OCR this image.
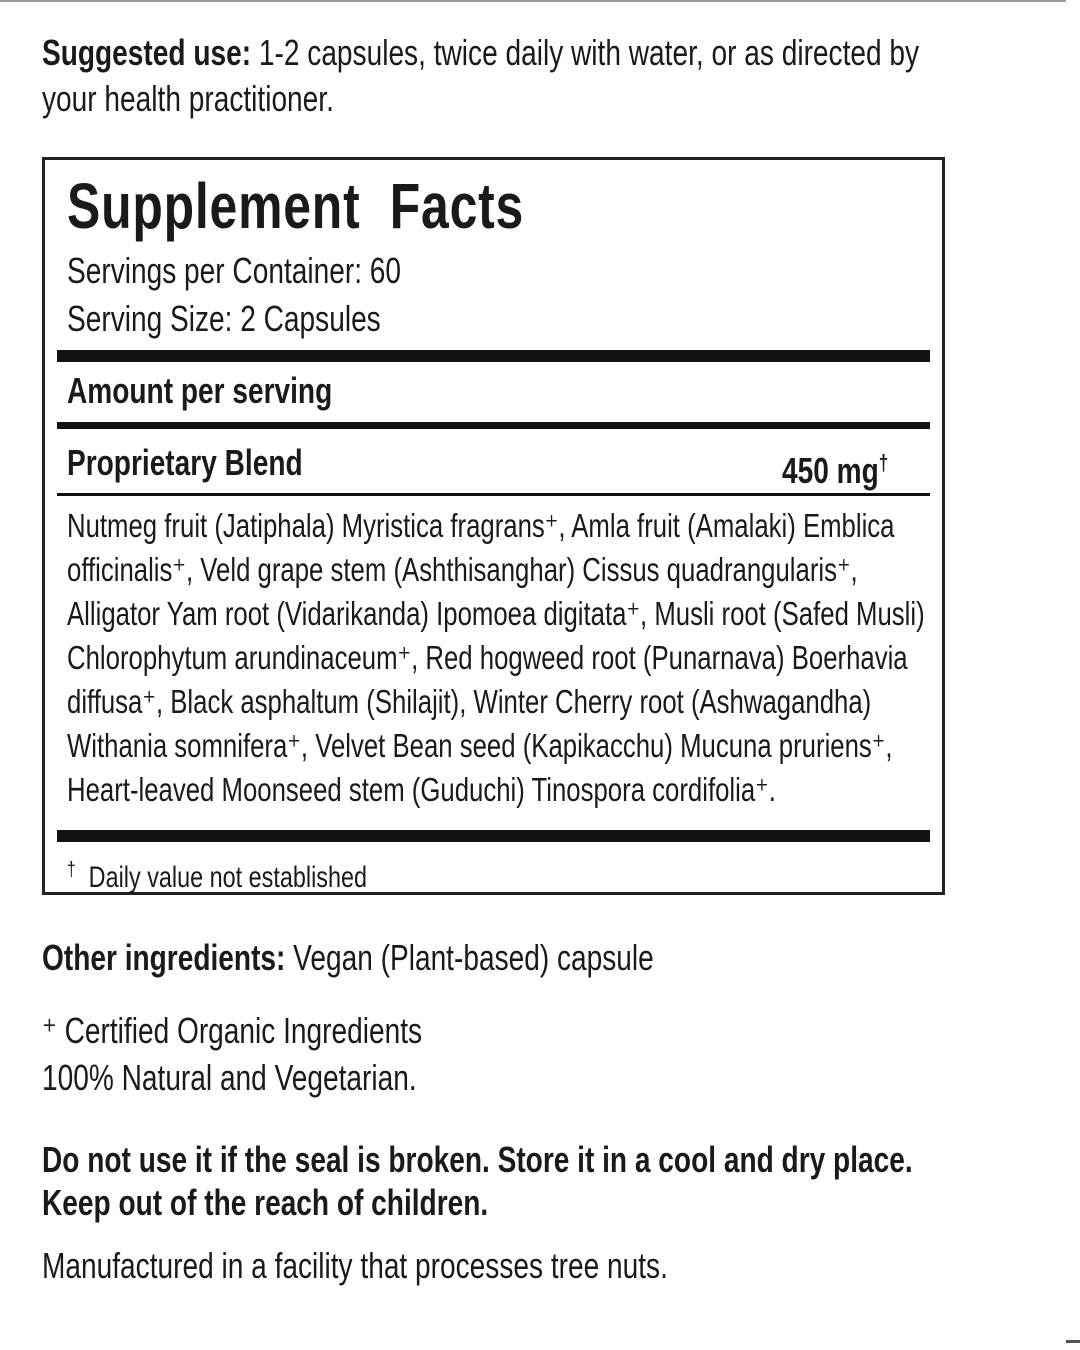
Suggested use: 1-2 capsules, twice daily with water, or as directed by
your health practitioner.
Supplement  Facts
Servings per Container: 60
Serving Size: 2 Capsules
Amount per serving
Proprietary Blend	450 mg†
Nutmeg fruit (Jatiphala) Myristica fragrans⁺, Amla fruit (Amalaki) Emblica
officinalis⁺, Veld grape stem (Ashthisanghar) Cissus quadrangularis⁺,
Alligator Yam root (Vidarikanda) Ipomoea digitata⁺, Musli root (Safed Musli)
Chlorophytum arundinaceum⁺, Red hogweed root (Punarnava) Boerhavia
diffusa⁺, Black asphaltum (Shilajit), Winter Cherry root (Ashwagandha)
Withania somnifera⁺, Velvet Bean seed (Kapikacchu) Mucuna pruriens⁺,
Heart-leaved Moonseed stem (Guduchi) Tinospora cordifolia⁺.
† Daily value not established
Other ingredients: Vegan (Plant-based) capsule
⁺ Certified Organic Ingredients
100% Natural and Vegetarian.
Do not use it if the seal is broken. Store it in a cool and dry place.
Keep out of the reach of children.
Manufactured in a facility that processes tree nuts.
